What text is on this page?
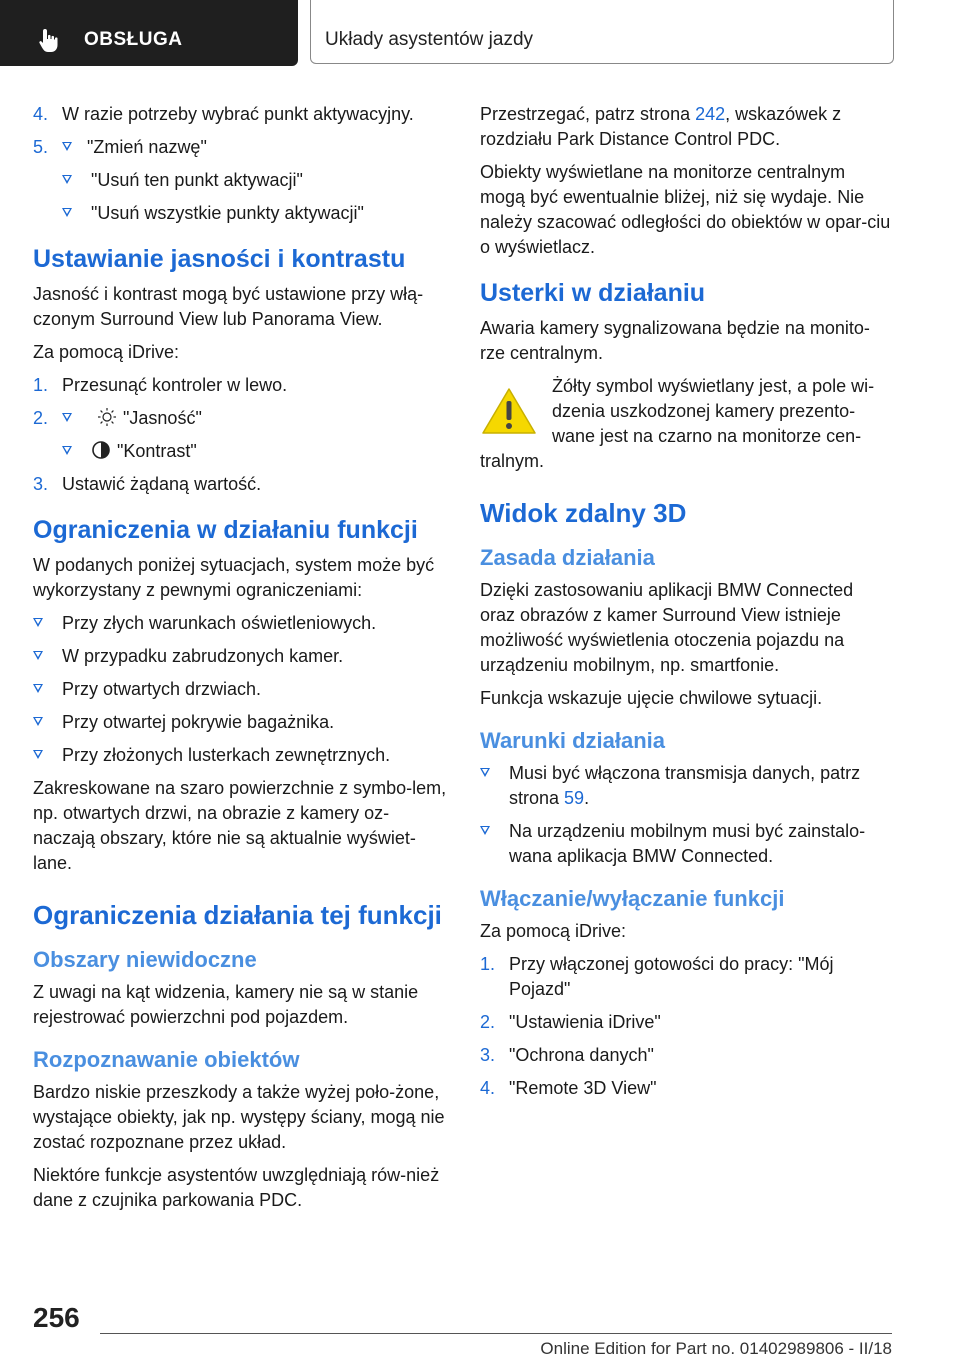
OBSŁUGA	Układy asystentów jazdy
4. W razie potrzeby wybrać punkt aktywacyjny.
5. "Zmień nazwę"
"Usuń ten punkt aktywacji"
"Usuń wszystkie punkty aktywacji"
Ustawianie jasności i kontrastu

Jasność i kontrast mogą być ustawione przy włą-czonym Surround View lub Panorama View.

Za pomocą iDrive:

1. Przesunąć kontroler w lewo.
2.	"Jasność"
"Kontrast"
3. Ustawić żądaną wartość.
Ograniczenia w działaniu funkcji

W podanych poniżej sytuacjach, system może być wykorzystany z pewnymi ograniczeniami:

Przy złych warunkach oświetleniowych.
W przypadku zabrudzonych kamer.
Przy otwartych drzwiach.
Przy otwartej pokrywie bagażnika.
Przy złożonych lusterkach zewnętrznych.

Zakreskowane na szaro powierzchnie z symbo-lem, np. otwartych drzwi, na obrazie z kamery oz-naczają obszary, które nie są aktualnie wyświet-lane.

Ograniczenia działania tej funkcji
Obszary niewidoczne

Z uwagi na kąt widzenia, kamery nie są w stanie rejestrować powierzchni pod pojazdem.

Rozpoznawanie obiektów

Bardzo niskie przeszkody a także wyżej poło-żone, wystające obiekty, jak np. występy ściany, mogą nie zostać rozpoznane przez układ.

Niektóre funkcje asystentów uwzględniają rów-nież dane z czujnika parkowania PDC.

Przestrzegać, patrz strona 242, wskazówek z rozdziału Park Distance Control PDC.

Obiekty wyświetlane na monitorze centralnym mogą być ewentualnie bliżej, niż się wydaje. Nie należy szacować odległości do obiektów w opar-ciu o wyświetlacz.

Usterki w działaniu

Awaria kamery sygnalizowana będzie na monito-rze centralnym.

Żółty symbol wyświetlany jest, a pole wi-dzenia uszkodzonej kamery prezento-wane jest na czarno na monitorze cen-tralnym.

Widok zdalny 3D
Zasada działania

Dzięki zastosowaniu aplikacji BMW Connected oraz obrazów z kamer Surround View istnieje możliwość wyświetlenia otoczenia pojazdu na urządzeniu mobilnym, np. smartfonie.

Funkcja wskazuje ujęcie chwilowe sytuacji.

Warunki działania
Musi być włączona transmisja danych, patrz strona 59.
Na urządzeniu mobilnym musi być zainstalo-wana aplikacja BMW Connected.
Włączanie/wyłączanie funkcji

Za pomocą iDrive:

1. Przy włączonej gotowości do pracy: "Mój Pojazd"
2. "Ustawienia iDrive"
3. "Ochrona danych"
4. "Remote 3D View"
256
Online Edition for Part no. 01402989806 - II/18
